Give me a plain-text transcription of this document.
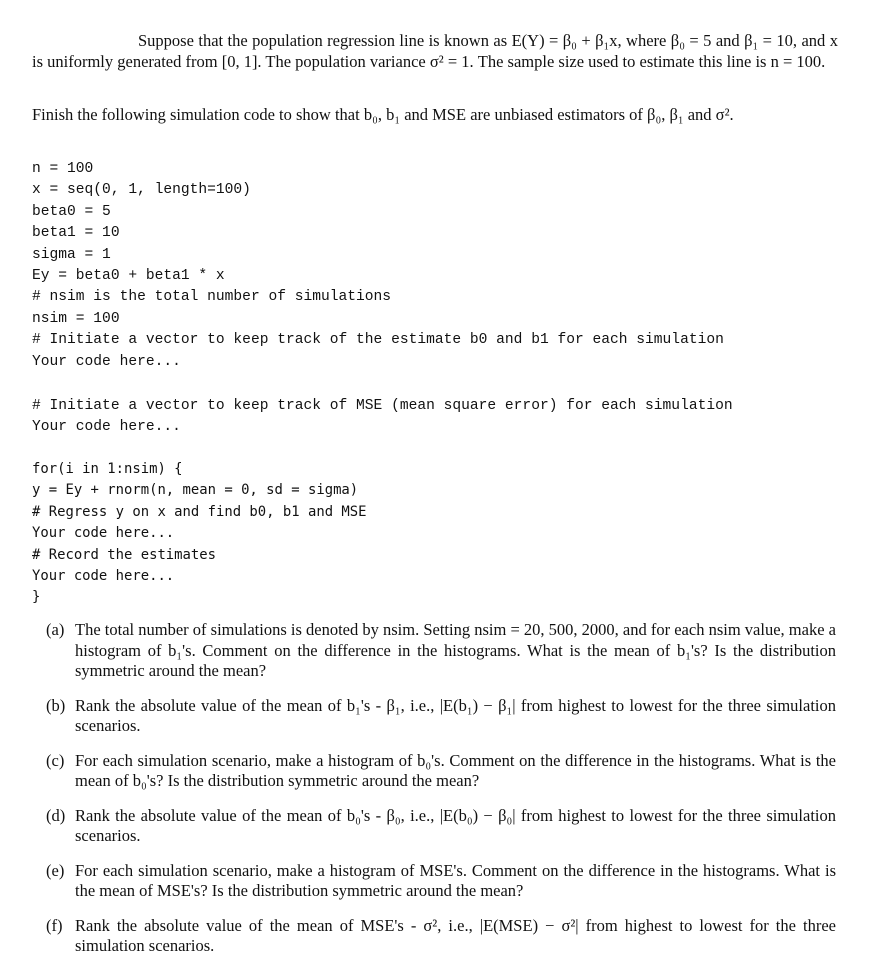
Suppose that the population regression line is known as E(Y) = β₀ + β₁x, where β₀ = 5 and β₁ = 10, and x is uniformly generated from [0, 1]. The population variance σ² = 1. The sample size used to estimate this line is n = 100.
Finish the following simulation code to show that b₀, b₁ and MSE are unbiased estimators of β₀, β₁ and σ².
n = 100
x = seq(0, 1, length=100)
beta0 = 5
beta1 = 10
sigma = 1
Ey = beta0 + beta1 * x
# nsim is the total number of simulations
nsim = 100
# Initiate a vector to keep track of the estimate b0 and b1 for each simulation
Your code here...
# Initiate a vector to keep track of MSE (mean square error) for each simulation
Your code here...
for(i in 1:nsim) {
y = Ey + rnorm(n, mean = 0, sd = sigma)
# Regress y on x and find b0, b1 and MSE
Your code here...
# Record the estimates
Your code here...
}
(a) The total number of simulations is denoted by nsim. Setting nsim = 20, 500, 2000, and for each nsim value, make a histogram of b₁'s. Comment on the difference in the histograms. What is the mean of b₁'s? Is the distribution symmetric around the mean?
(b) Rank the absolute value of the mean of b₁'s - β₁, i.e., |E(b₁) − β₁| from highest to lowest for the three simulation scenarios.
(c) For each simulation scenario, make a histogram of b₀'s. Comment on the difference in the histograms. What is the mean of b₀'s? Is the distribution symmetric around the mean?
(d) Rank the absolute value of the mean of b₀'s - β₀, i.e., |E(b₀) − β₀| from highest to lowest for the three simulation scenarios.
(e) For each simulation scenario, make a histogram of MSE's. Comment on the difference in the histograms. What is the mean of MSE's? Is the distribution symmetric around the mean?
(f) Rank the absolute value of the mean of MSE's - σ², i.e., |E(MSE) − σ²| from highest to lowest for the three simulation scenarios.
